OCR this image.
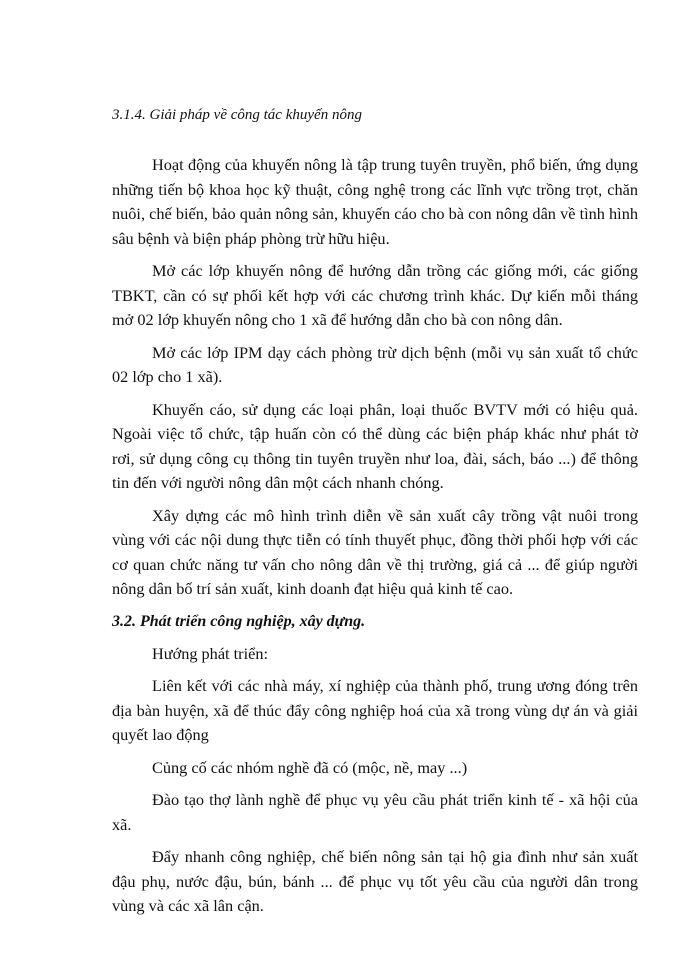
3.1.4. Giải pháp về công tác khuyến nông

Hoạt động của khuyến nông là tập trung tuyên truyền, phổ biến, ứng dụng những tiến bộ khoa học kỹ thuật, công nghệ trong các lĩnh vực trồng trọt, chăn nuôi, chế biến, bảo quản nông sản, khuyến cáo cho bà con nông dân về tình hình sâu bệnh và biện pháp phòng trừ hữu hiệu.

Mở các lớp khuyến nông để hướng dẫn trồng các giống mới, các giống TBKT, cần có sự phối kết hợp với các chương trình khác. Dự kiến mỗi tháng mở 02 lớp khuyến nông cho 1 xã để hướng dẫn cho bà con nông dân.

Mở các lớp IPM dạy cách phòng trừ dịch bệnh (mỗi vụ sản xuất tổ chức 02 lớp cho 1 xã).

Khuyến cáo, sử dụng các loại phân, loại thuốc BVTV mới có hiệu quả. Ngoài việc tổ chức, tập huấn còn có thể dùng các biện pháp khác như phát tờ rơi, sử dụng công cụ thông tin tuyên truyền như loa, đài, sách, báo ...) để thông tin đến với người nông dân một cách nhanh chóng.

Xây dựng các mô hình trình diễn về sản xuất cây trồng vật nuôi trong vùng với các nội dung thực tiễn có tính thuyết phục, đồng thời phối hợp với các cơ quan chức năng tư vấn cho nông dân về thị trường, giá cả ... để giúp người nông dân bố trí sản xuất, kinh doanh đạt hiệu quả kinh tế cao.

3.2. Phát triển công nghiệp, xây dựng.

Hướng phát triển:

Liên kết với các nhà máy, xí nghiệp của thành phố, trung ương đóng trên địa bàn huyện, xã để thúc đẩy công nghiệp hoá của xã trong vùng dự án và giải quyết lao động

Củng cố các nhóm nghề đã có (mộc, nề, may ...)

Đào tạo thợ lành nghề để phục vụ yêu cầu phát triển kinh tế - xã hội của xã.

Đẩy nhanh công nghiệp, chế biến nông sản tại hộ gia đình như sản xuất đậu phụ, nước đậu, bún, bánh ... để phục vụ tốt yêu cầu của người dân trong vùng và các xã lân cận.
